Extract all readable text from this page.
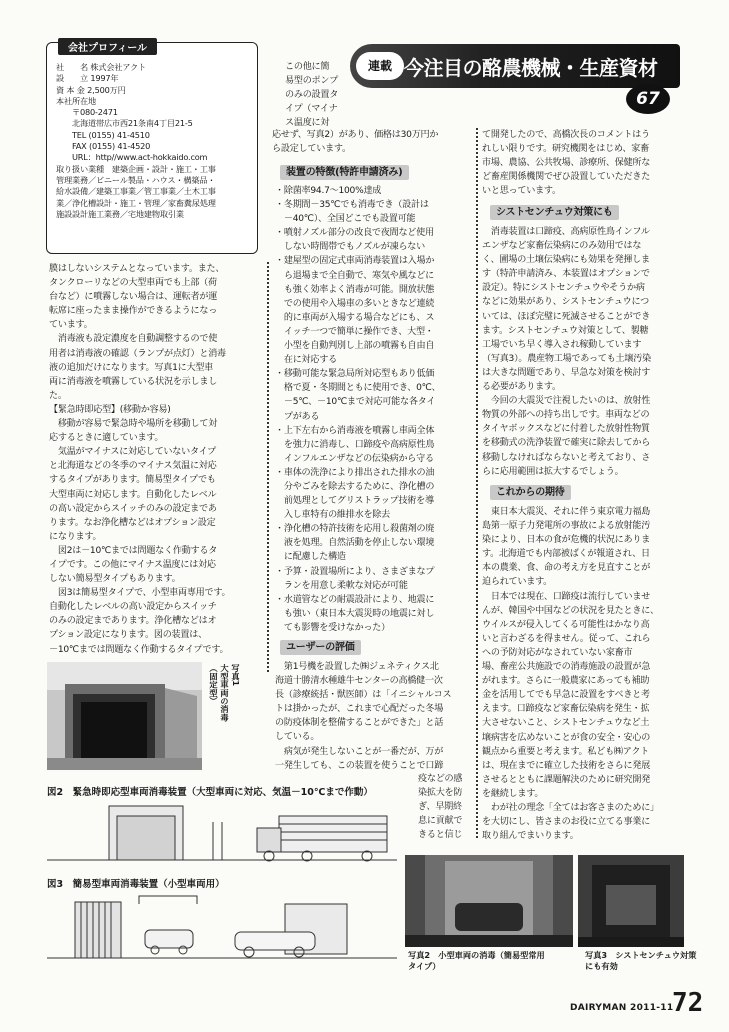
連載 今注目の酪農機械・生産資材
67
会社プロフィール
社　　名 株式会社アクト
設　　立 1997年
資 本 金 2,500万円
本社所在地
　　〒080-2471
　　北海道帯広市西21条南4丁目21-5
　　TEL (0155) 41-4510
　　FAX (0155) 41-4520
　　URL：http//www.act-hokkaido.com
取り扱い業種　建築企画・設計・施工・工事
管理業務／ビニール製品・ハウス・構築品・
給水設備／建築工事業／管工事業／土木工事
業／浄化槽設計・施工・管理／家畜糞尿処理
施設設計施工業務／宅地建物取引業

膜はしないシステムとなっています。また、

タンクローリなどの大型車両でも上部（荷

台など）に噴霧しない場合は、運転者が運

転席に座ったまま操作ができるようになっ

ています。

　消毒液も設定濃度を自動調整するので使

用者は消毒液の確認（ランプが点灯）と消毒

液の追加だけになります。写真1に大型車

両に消毒液を噴霧している状況を示しまし

た。

【緊急時即応型】(移動か容易)

　移動が容易で緊急時や場所を移動して対

応するときに適しています。

　気温がマイナスに対応していないタイプ

と北海道などの冬季のマイナス気温に対応

するタイプがあります。簡易型タイプでも

大型車両に対応します。自動化したレベル

の高い設定からスイッチのみの設定まであ

ります。なお浄化槽などはオプション設定

になります。

　図2は－10℃までは問題なく作動するタ

イプです。この他にマイナス温度には対応

しない簡易型タイプもあります。

　図3は簡易型タイプで、小型車両専用です。

自動化したレベルの高い設定からスイッチ

のみの設定まであります。浄化槽などはオ

プション設定になります。図の装置は、

－10℃までは問題なく作動するタイプです。

この他に簡

易型のポンプ

のみの設置タ

イプ（マイナ

ス温度に対

応せず、写真2）があり、価格は30万円か

ら設定しています。

装置の特徴(特許申請済み)

・除菌率94.7～100%達成

・冬期間－35℃でも消毒でき（設計は

　－40℃）、全国どこでも設置可能

・噴射ノズル部分の改良で夜間など使用

　しない時間帯でもノズルが凍らない

・建屋型の固定式車両消毒装置は入場か

　ら退場まで全自動で、寒気や風などに

　も強く効率よく消毒が可能。開放状態

　での使用や入場車の多いときなど連続

　的に車両が入場する場合などにも、ス

　イッチ一つで簡単に操作でき、大型・

　小型を自動判別し上部の噴霧も自由自

　在に対応する

・移動可能な緊急局所対応型もあり低価

　格で夏・冬期間ともに使用でき、0℃、

　－5℃、－10℃まで対応可能な各タイ

　プがある

・上下左右から消毒液を噴霧し車両全体

　を強力に消毒し、口蹄疫や高病原性鳥

　インフルエンザなどの伝染病から守る

・車体の洗浄により排出された排水の油

　分やごみを除去するために、浄化槽の

　前処理としてグリストラップ技術を導

　入し車特有の維排水を除去

・浄化槽の特許技術を応用し殺菌剤の廃

　液を処理。自然活動を停止しない環境

　に配慮した構造

・予算・設置場所により、さまざまなプ

　ランを用意し柔軟な対応が可能

・水道管などの耐震設計により、地震に

　も強い（東日本大震災時の地震に対し

　ても影響を受けなかった）

ユーザーの評価

　第1号機を設置した㈱ジェネティクス北

海道十勝清水種雄牛センターの高橋健一次

長（診療統括・獣医師）は「イニシャルコス

トは掛かったが、これまで心配だった冬場

の防疫体制を整備することができた」と話

している。

　病気が発生しないことが一番だが、万が

一発生しても、この装置を使うことで口蹄

疫などの感

染拡大を防

ぎ、早期終

息に貢献で

きると信じ

て開発したので、高橋次長のコメントはう

れしい限りです。研究機関をはじめ、家畜

市場、農協、公共牧場、診療所、保健所な

ど畜産関係機関でぜひ設置していただきた

いと思っています。

シストセンチュウ対策にも

　消毒装置は口蹄疫、高病原性鳥インフル

エンザなど家畜伝染病にのみ効用ではな

く、圃場の土壌伝染病にも効果を発揮しま

す（特許申請済み、本装置はオプションで

設定）。特にシストセンチュウやそうか病

などに効果があり、シストセンチュウにつ

いては、ほぼ完璧に死滅させることができ

ます。シストセンチュウ対策として、製糖

工場でいち早く導入され稼動しています

（写真3）。農産物工場であっても土壌汚染

は大きな問題であり、早急な対策を検討す

る必要があります。

　今回の大震災で注視したいのは、放射性

物質の外部への持ち出しです。車両などの

タイヤボックスなどに付着した放射性物質

を移動式の洗浄装置で確実に除去してから

移動しなければならないと考えており、さ

らに応用範囲は拡大するでしょう。

これからの期待

　東日本大震災、それに伴う東京電力福島

島第一原子力発電所の事故による放射能汚

染により、日本の食が危機的状況にありま

す。北海道でも内部被ばくが報道され、日

本の農業、食、命の考え方を見直すことが

迫られています。

　日本では現在、口蹄疫は流行していませ

んが、韓国や中国などの状況を見たときに、

ウイルスが侵入してくる可能性はかなり高

いと言わざるを得ません。従って、これら

への予防対応がなされていない家畜市

場、畜産公共施設での消毒施設の設置が急

がれます。さらに一般農家にあっても補助

金を活用してでも早急に設置をすべきと考

えます。口蹄疫など家畜伝染病を発生・拡

大させないこと、シストセンチュウなど土

壌病害を広めないことが食の安全・安心の

観点から重要と考えます。私ども㈱アクト

は、現在までに確立した技術をさらに発展

させるとともに課題解決のために研究開発

を継続します。

　わが社の理念「全てはお客さまのために」

を大切にし、皆さまのお役に立てる事業に

取り組んでまいります。

写真1
大型車両の消毒
（固定型）
図2　緊急時即応型車両消毒装置（大型車両に対応、気温－10℃まで作動）
図3　簡易型車両消毒装置（小型車両用）

写真2　小型車両の消毒（簡易型常用

タイプ）

写真3　シストセンチュウ対策

にも有効

DAIRYMAN 2011-11
72
